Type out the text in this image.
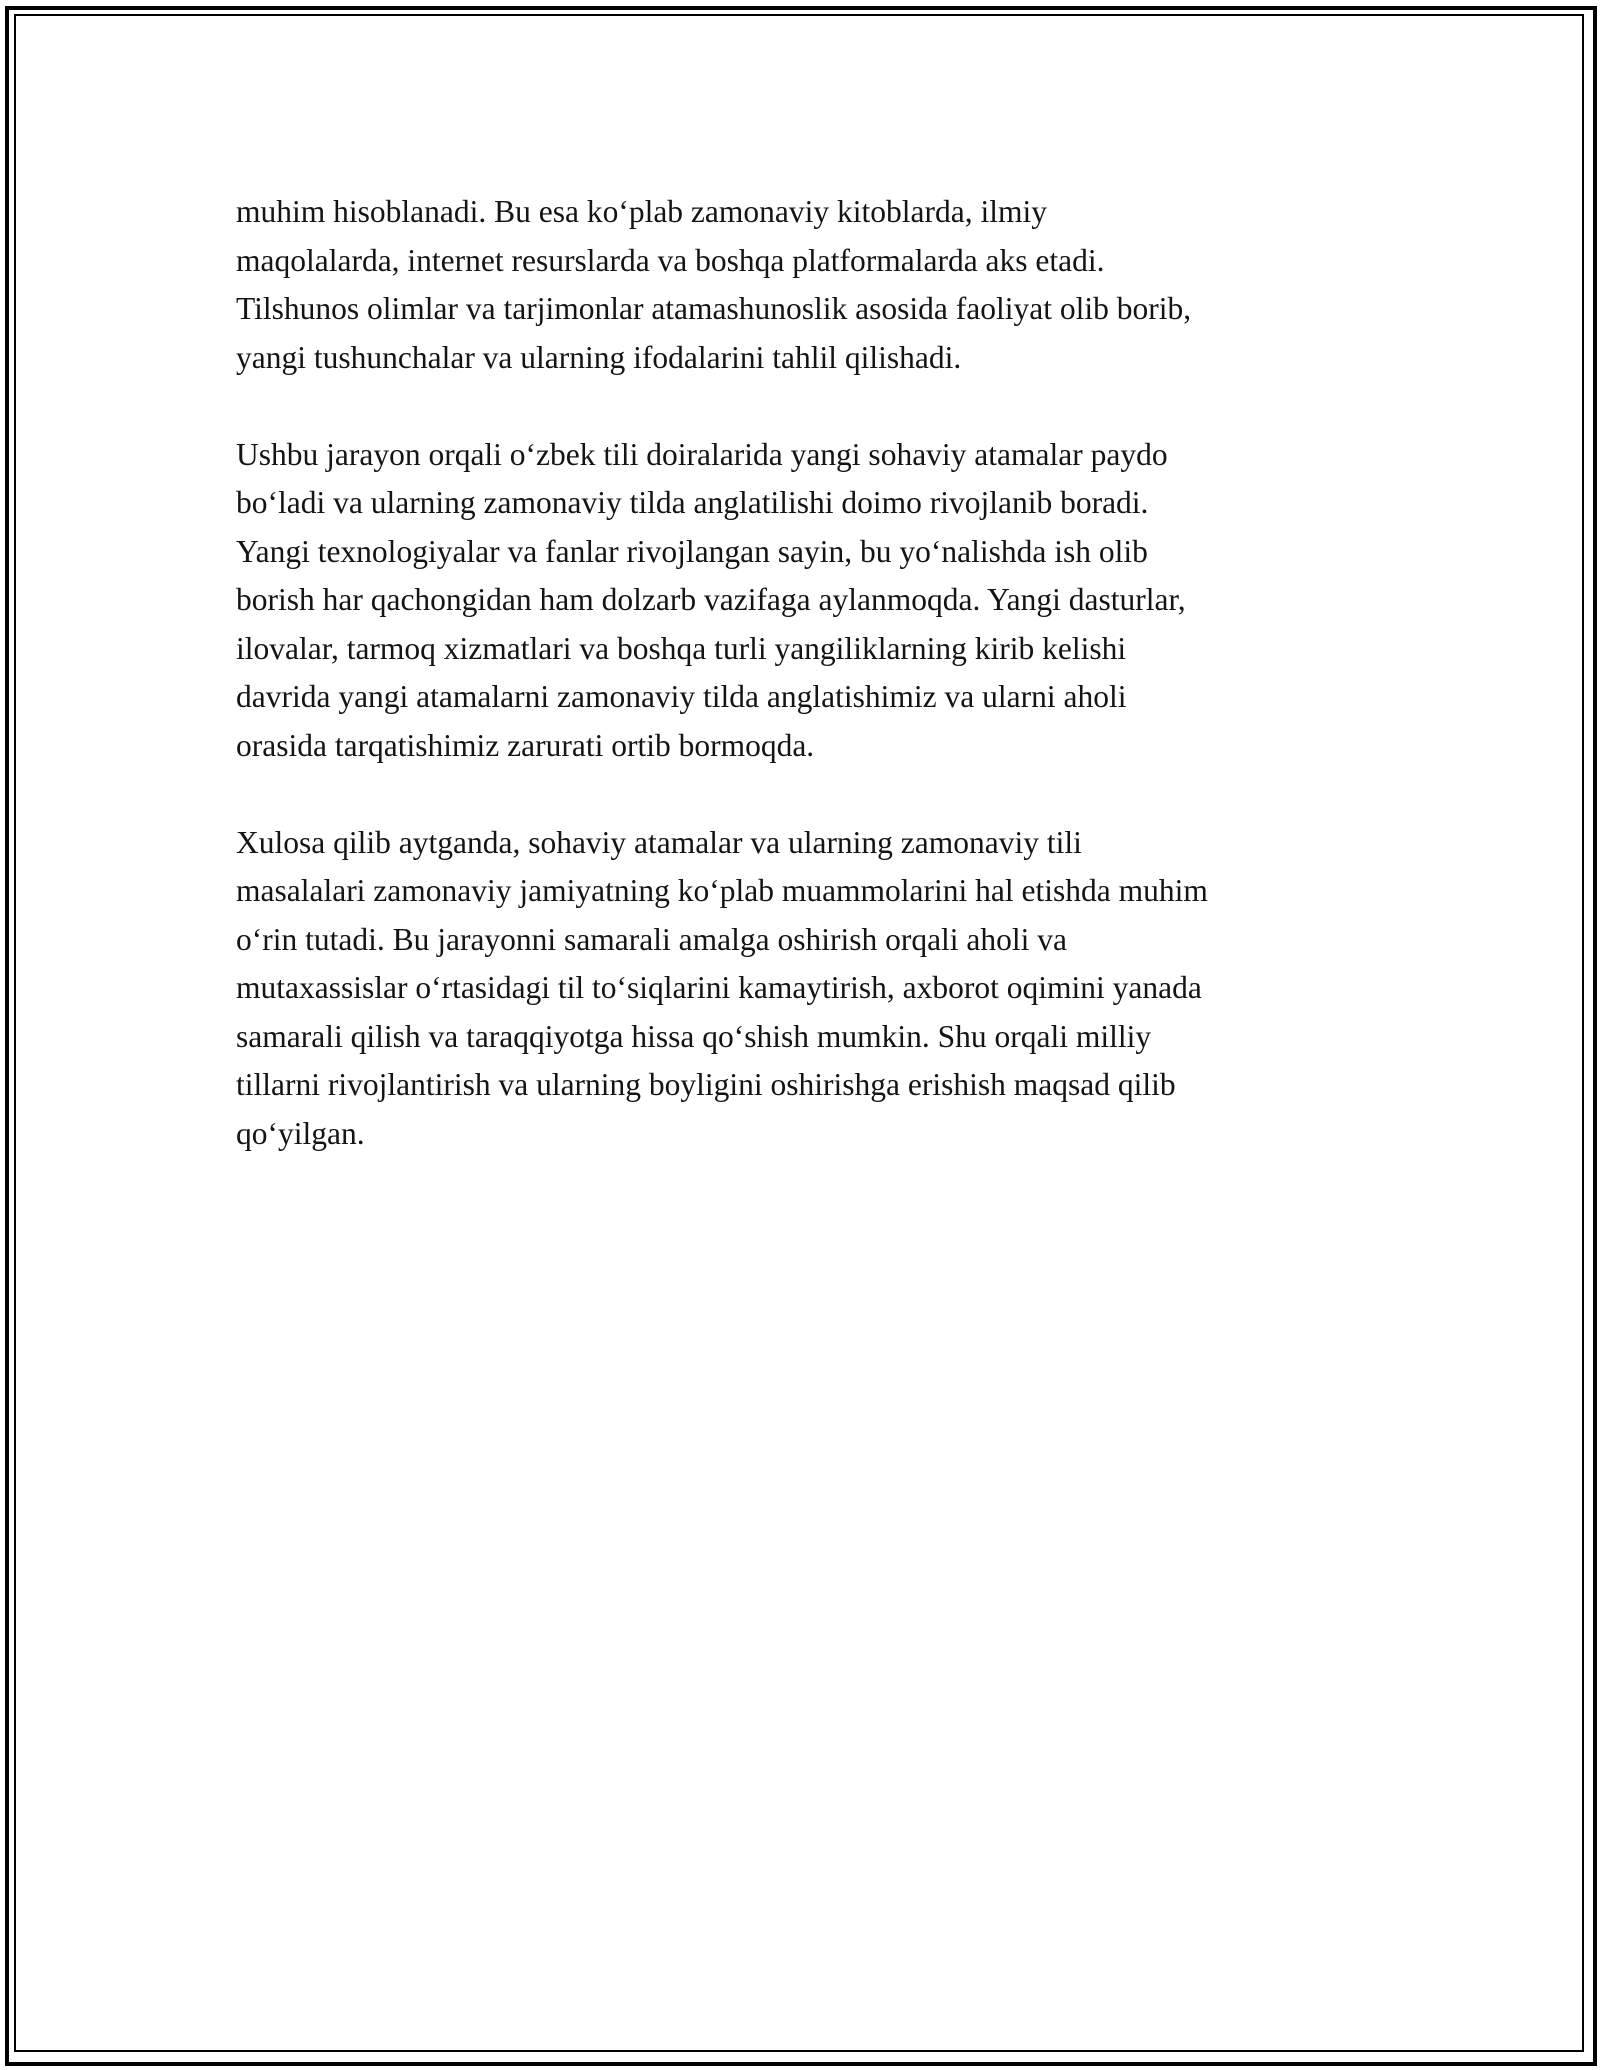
muhim hisoblanadi. Bu esa ko‘plab zamonaviy kitoblarda, ilmiy
maqolalarda, internet resurslarda va boshqa platformalarda aks etadi.
Tilshunos olimlar va tarjimonlar atamashunoslik asosida faoliyat olib borib,
yangi tushunchalar va ularning ifodalarini tahlil qilishadi.

Ushbu jarayon orqali o‘zbek tili doiralarida yangi sohaviy atamalar paydo
bo‘ladi va ularning zamonaviy tilda anglatilishi doimo rivojlanib boradi.
Yangi texnologiyalar va fanlar rivojlangan sayin, bu yo‘nalishda ish olib
borish har qachongidan ham dolzarb vazifaga aylanmoqda. Yangi dasturlar,
ilovalar, tarmoq xizmatlari va boshqa turli yangiliklarning kirib kelishi
davrida yangi atamalarni zamonaviy tilda anglatishimiz va ularni aholi
orasida tarqatishimiz zarurati ortib bormoqda.

Xulosa qilib aytganda, sohaviy atamalar va ularning zamonaviy tili
masalalari zamonaviy jamiyatning ko‘plab muammolarini hal etishda muhim
o‘rin tutadi. Bu jarayonni samarali amalga oshirish orqali aholi va
mutaxassislar o‘rtasidagi til to‘siqlarini kamaytirish, axborot oqimini yanada
samarali qilish va taraqqiyotga hissa qo‘shish mumkin. Shu orqali milliy
tillarni rivojlantirish va ularning boyligini oshirishga erishish maqsad qilib
qo‘yilgan.
